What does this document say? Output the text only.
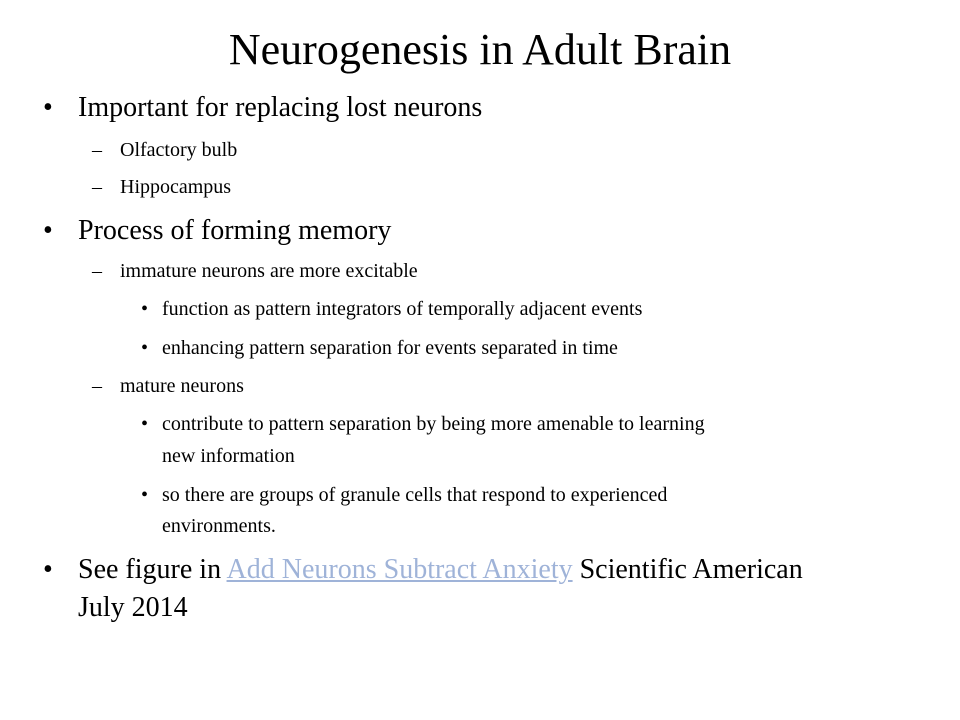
Neurogenesis in Adult Brain
• Important for replacing lost neurons
– Olfactory bulb
– Hippocampus
• Process of forming memory
– immature neurons are more excitable
• function as pattern integrators of temporally adjacent events
• enhancing pattern separation for events separated in time
– mature neurons
• contribute to pattern separation by being more amenable to learning
new information
• so there are groups of granule cells that respond to experienced
environments.
• See figure in Add Neurons Subtract Anxiety Scientific American
July 2014
